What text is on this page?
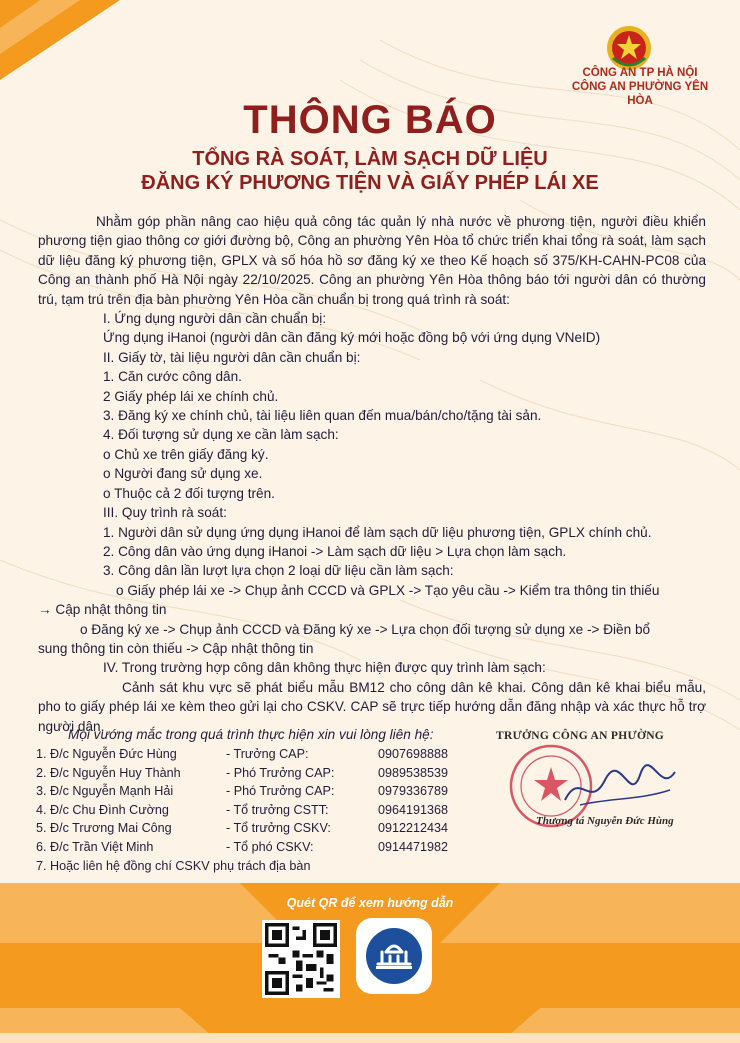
CÔNG AN TP HÀ NỘI
CÔNG AN PHƯỜNG YÊN HÒA
THÔNG BÁO
TỔNG RÀ SOÁT, LÀM SẠCH DỮ LIỆU
ĐĂNG KÝ PHƯƠNG TIỆN VÀ GIẤY PHÉP LÁI XE

Nhằm góp phần nâng cao hiệu quả công tác quản lý nhà nước về phương tiện, người điều khiển phương tiện giao thông cơ giới đường bộ, Công an phường Yên Hòa tổ chức triển khai tổng rà soát, làm sạch dữ liệu đăng ký phương tiện, GPLX và số hóa hồ sơ đăng ký xe theo Kế hoạch số 375/KH-CAHN-PC08 của Công an thành phố Hà Nội ngày 22/10/2025. Công an phường Yên Hòa thông báo tới người dân có thường trú, tạm trú trên địa bàn phường Yên Hòa cần chuẩn bị trong quá trình rà soát:

I. Ứng dụng người dân cần chuẩn bị:

Ứng dụng iHanoi (người dân cần đăng ký mới hoặc đồng bộ với ứng dụng VNeID)

II. Giấy tờ, tài liệu người dân cần chuẩn bị:

1. Căn cước công dân.

2 Giấy phép lái xe chính chủ.

3. Đăng ký xe chính chủ, tài liệu liên quan đến mua/bán/cho/tặng tài sản.

4. Đối tượng sử dụng xe cần làm sạch:

o Chủ xe trên giấy đăng ký.

o Người đang sử dụng xe.

o Thuộc cả 2 đối tượng trên.

III. Quy trình rà soát:

1. Người dân sử dụng ứng dụng iHanoi để làm sạch dữ liệu phương tiện, GPLX chính chủ.

2. Công dân vào ứng dụng iHanoi -> Làm sạch dữ liệu > Lựa chọn làm sạch.

3. Công dân lần lượt lựa chọn 2 loại dữ liệu cần làm sạch:

o Giấy phép lái xe -> Chụp ảnh CCCD và GPLX -> Tạo yêu cầu -> Kiểm tra thông tin thiếu

→ Cập nhật thông tin

o Đăng ký xe -> Chụp ảnh CCCD và Đăng ký xe -> Lựa chọn đối tượng sử dụng xe -> Điền bổ

sung thông tin còn thiếu -> Cập nhật thông tin

IV. Trong trường hợp công dân không thực hiện được quy trình làm sạch:

Cảnh sát khu vực sẽ phát biểu mẫu BM12 cho công dân kê khai. Công dân kê khai biểu mẫu, pho to giấy phép lái xe kèm theo gửi lại cho CSKV. CAP sẽ trực tiếp hướng dẫn đăng nhập và xác thực hỗ trợ người dân.

Mọi vướng mắc trong quá trình thực hiện xin vui lòng liên hệ:
1. Đ/c Nguyễn Đức Hùng	- Trưởng CAP:	0907698888
2. Đ/c Nguyễn Huy Thành	- Phó Trưởng CAP:	0989538539
3. Đ/c Nguyễn Mạnh Hải	- Phó Trưởng CAP:	0979336789
4. Đ/c Chu Đình Cường	- Tổ trưởng CSTT:	0964191368
5. Đ/c Trương Mai Công	- Tổ trưởng CSKV:	0912212434
6. Đ/c Trần Việt Minh	- Tổ phó CSKV:	0914471982
7. Hoặc liên hệ đồng chí CSKV phụ trách địa bàn
TRƯỞNG CÔNG AN PHƯỜNG
Thượng tá Nguyễn Đức Hùng
Quét QR để xem hướng dẫn
